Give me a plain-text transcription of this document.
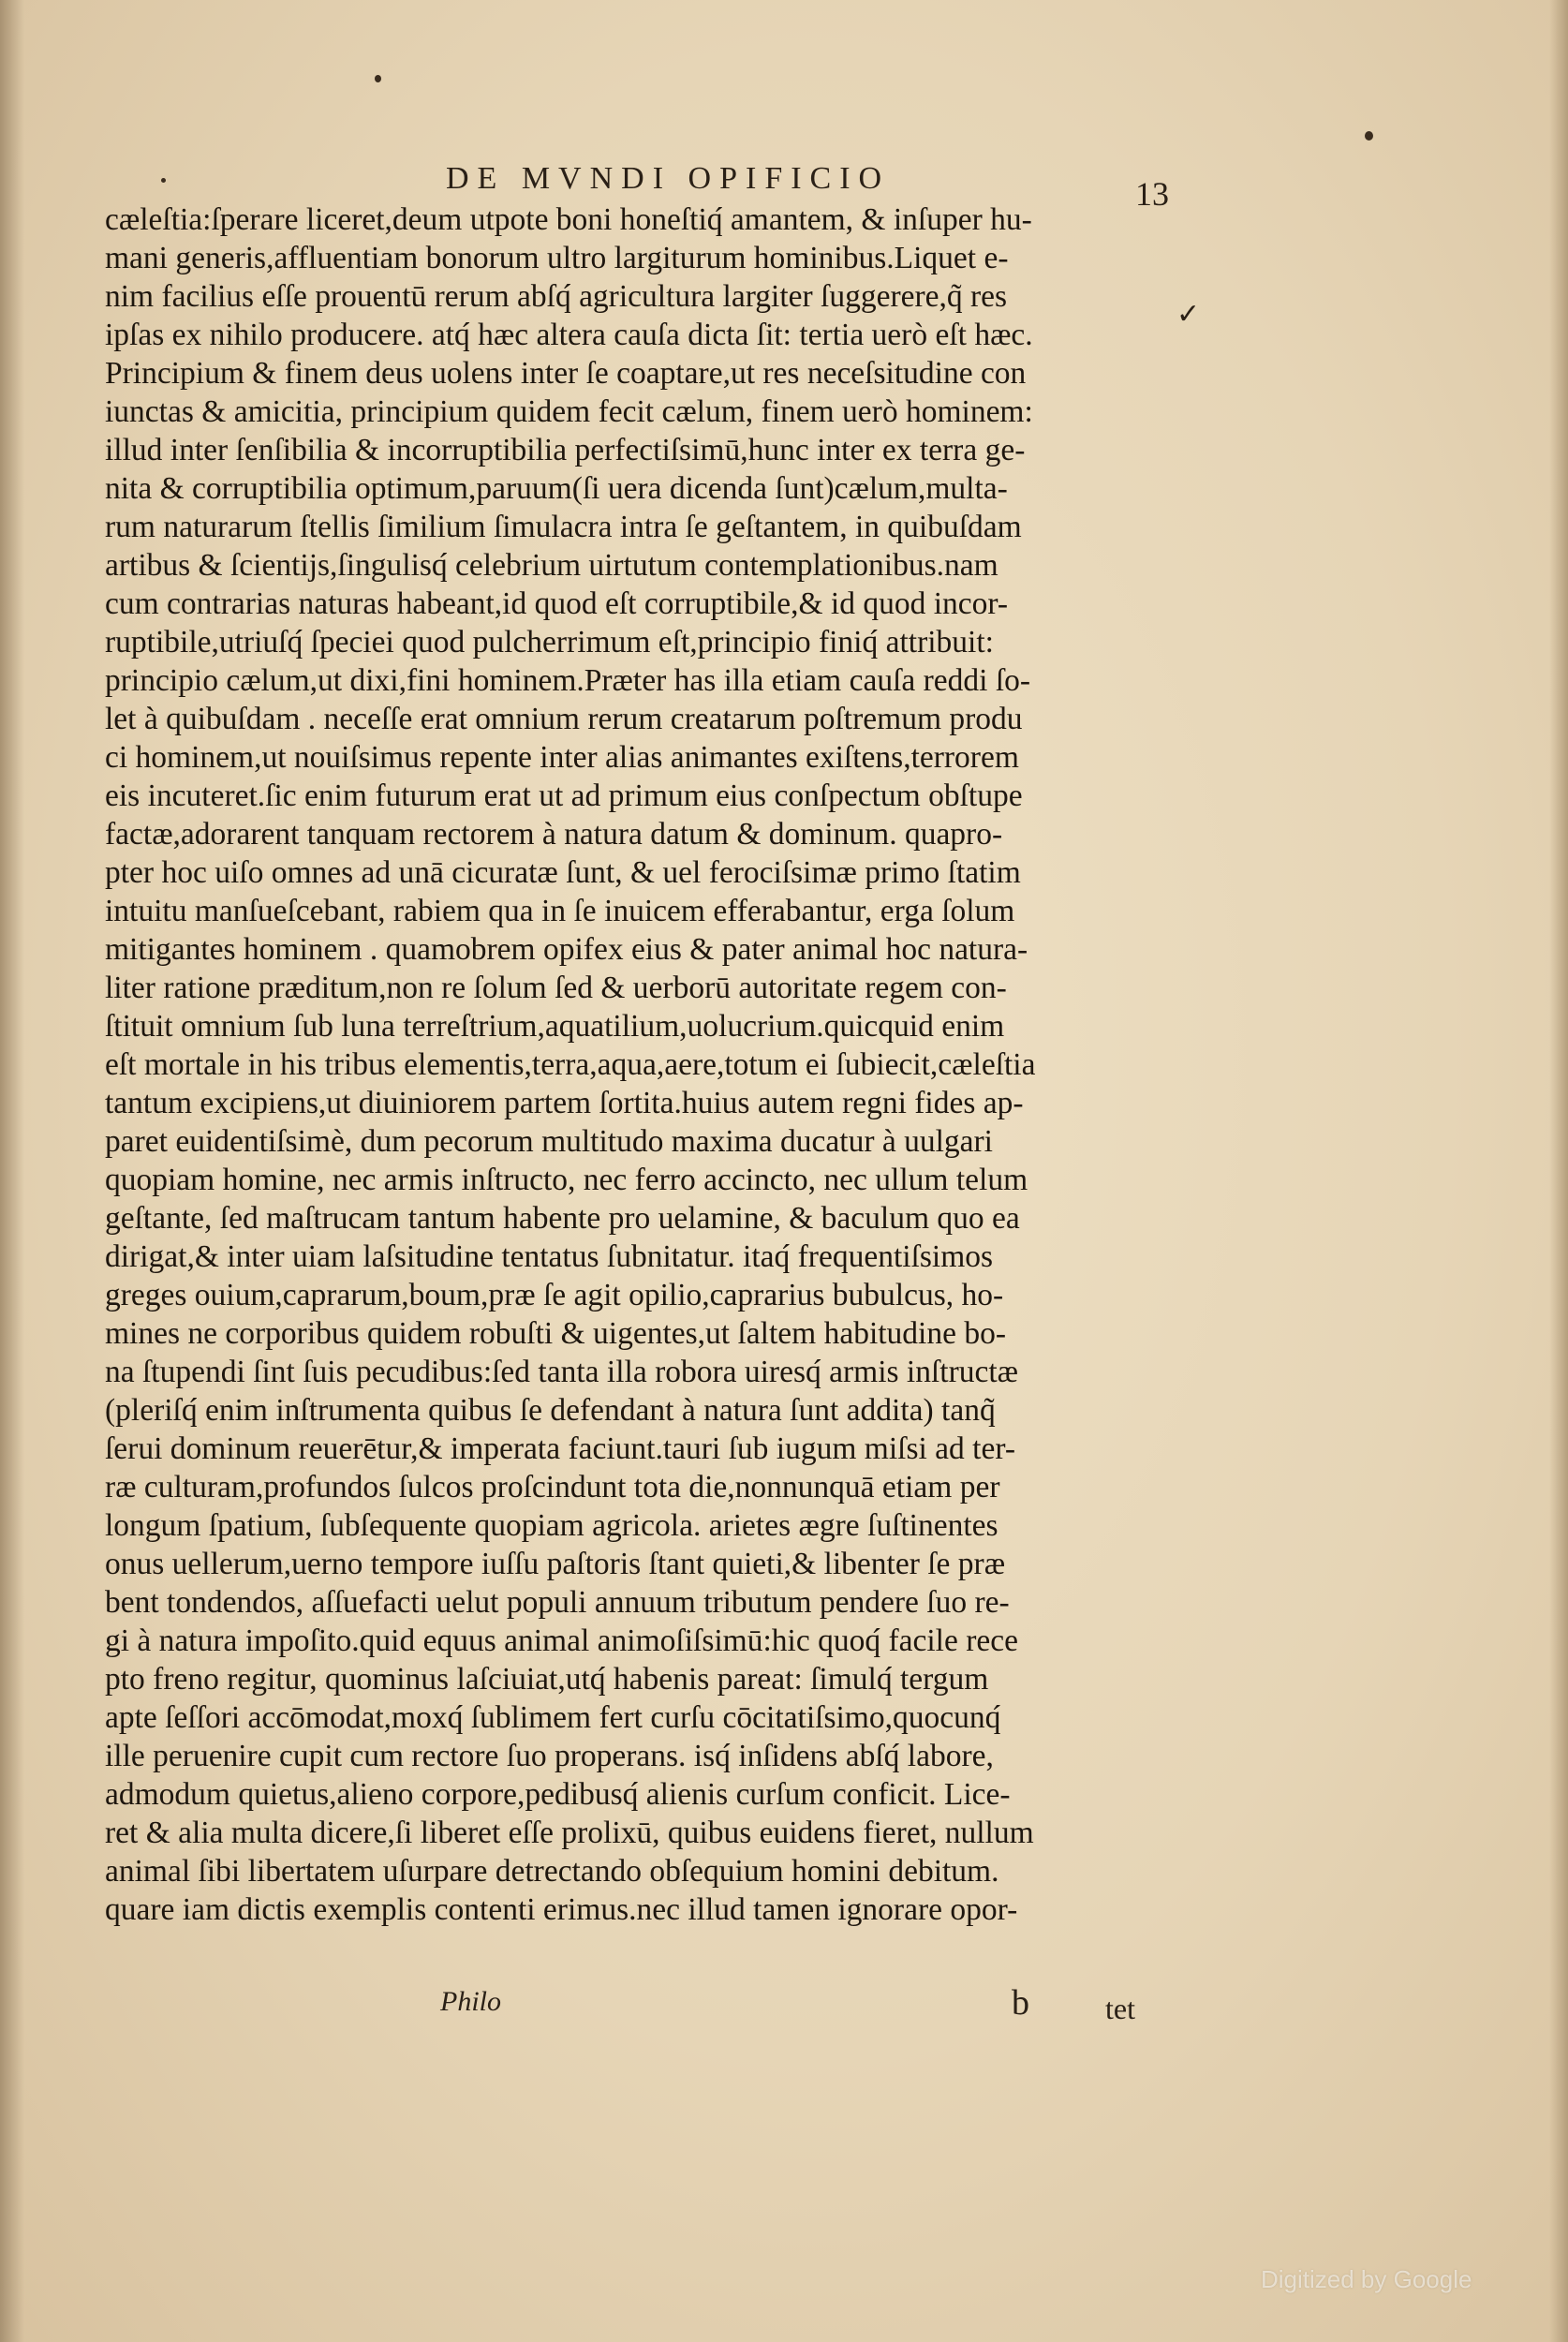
DE MVNDI OPIFICIO	13
✓
cæleſtia:ſperare liceret,deum utpote boni honeſtiq́ amantem, & inſuper hu-
mani generis,affluentiam bonorum ultro largiturum hominibus.Liquet e-
nim facilius eſſe prouentū rerum abſq́ agricultura largiter ſuggerere,q̃ res
ipſas ex nihilo producere. atq́ hæc altera cauſa dicta ſit: tertia uerò eſt hæc.
Principium & finem deus uolens inter ſe coaptare,ut res neceſsitudine con
iunctas & amicitia, principium quidem fecit cælum, finem uerò hominem:
illud inter ſenſibilia & incorruptibilia perfectiſsimū,hunc inter ex terra ge-
nita & corruptibilia optimum,paruum(ſi uera dicenda ſunt)cælum,multa-
rum naturarum ſtellis ſimilium ſimulacra intra ſe geſtantem, in quibuſdam
artibus & ſcientijs,ſingulisq́ celebrium uirtutum contemplationibus.nam
cum contrarias naturas habeant,id quod eſt corruptibile,& id quod incor-
ruptibile,utriuſq́ ſpeciei quod pulcherrimum eſt,principio finiq́ attribuit:
principio cælum,ut dixi,fini hominem.Præter has illa etiam cauſa reddi ſo-
let à quibuſdam . neceſſe erat omnium rerum creatarum poſtremum produ
ci hominem,ut nouiſsimus repente inter alias animantes exiſtens,terrorem
eis incuteret.ſic enim futurum erat ut ad primum eius conſpectum obſtupe
factæ,adorarent tanquam rectorem à natura datum & dominum. quapro-
pter hoc uiſo omnes ad unā cicuratæ ſunt, & uel ferociſsimæ primo ſtatim
intuitu manſueſcebant, rabiem qua in ſe inuicem efferabantur, erga ſolum
mitigantes hominem . quamobrem opifex eius & pater animal hoc natura-
liter ratione præditum,non re ſolum ſed & uerborū autoritate regem con-
ſtituit omnium ſub luna terreſtrium,aquatilium,uolucrium.quicquid enim
eſt mortale in his tribus elementis,terra,aqua,aere,totum ei ſubiecit,cæleſtia
tantum excipiens,ut diuiniorem partem ſortita.huius autem regni fides ap-
paret euidentiſsimè, dum pecorum multitudo maxima ducatur à uulgari
quopiam homine, nec armis inſtructo, nec ferro accincto, nec ullum telum
geſtante, ſed maſtrucam tantum habente pro uelamine, & baculum quo ea
dirigat,& inter uiam laſsitudine tentatus ſubnitatur. itaq́ frequentiſsimos
greges ouium,caprarum,boum,præ ſe agit opilio,caprarius bubulcus, ho-
mines ne corporibus quidem robuſti & uigentes,ut ſaltem habitudine bo-
na ſtupendi ſint ſuis pecudibus:ſed tanta illa robora uiresq́ armis inſtructæ
(pleriſq́ enim inſtrumenta quibus ſe defendant à natura ſunt addita) tanq̃
ſerui dominum reuerētur,& imperata faciunt.tauri ſub iugum miſsi ad ter-
ræ culturam,profundos ſulcos proſcindunt tota die,nonnunquā etiam per
longum ſpatium, ſubſequente quopiam agricola. arietes ægre ſuſtinentes
onus uellerum,uerno tempore iuſſu paſtoris ſtant quieti,& libenter ſe præ
bent tondendos, aſſuefacti uelut populi annuum tributum pendere ſuo re-
gi à natura impoſito.quid equus animal animoſiſsimū:hic quoq́ facile rece
pto freno regitur, quominus laſciuiat,utq́ habenis pareat: ſimulq́ tergum
apte ſeſſori accōmodat,moxq́ ſublimem fert curſu cōcitatiſsimo,quocunq́
ille peruenire cupit cum rectore ſuo properans. isq́ inſidens abſq́ labore,
admodum quietus,alieno corpore,pedibusq́ alienis curſum conficit. Lice-
ret & alia multa dicere,ſi liberet eſſe prolixū, quibus euidens fieret, nullum
animal ſibi libertatem uſurpare detrectando obſequium homini debitum.
quare iam dictis exemplis contenti erimus.nec illud tamen ignorare opor-
Philo	b	tet
Digitized by Google
